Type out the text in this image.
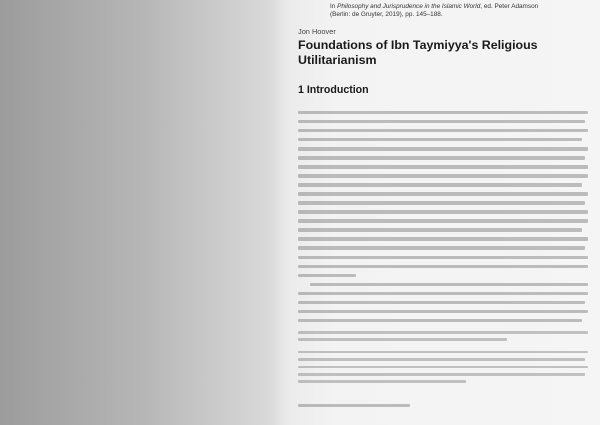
In Philosophy and Jurisprudence in the Islamic World, ed. Peter Adamson
(Berlin: de Gruyter, 2019), pp. 145–188.
Jon Hoover
Foundations of Ibn Taymiyya's Religious
Utilitarianism
1 Introduction
